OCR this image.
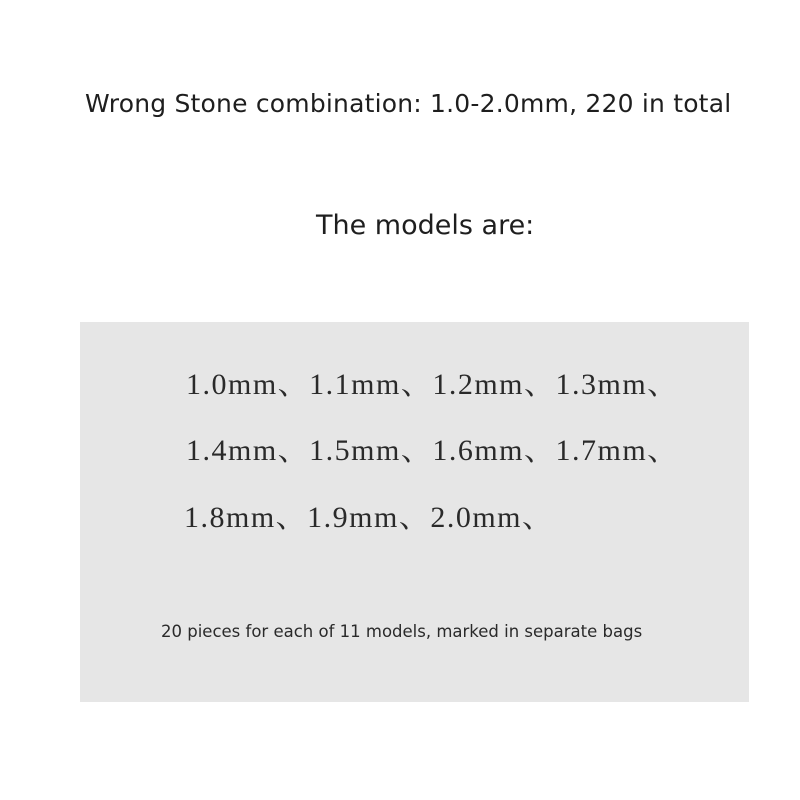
Wrong Stone combination: 1.0-2.0mm, 220 in total
The models are:

1.0mm、1.1mm、1.2mm、1.3mm、

1.4mm、1.5mm、1.6mm、1.7mm、

1.8mm、1.9mm、2.0mm、

20 pieces for each of 11 models, marked in separate bags
